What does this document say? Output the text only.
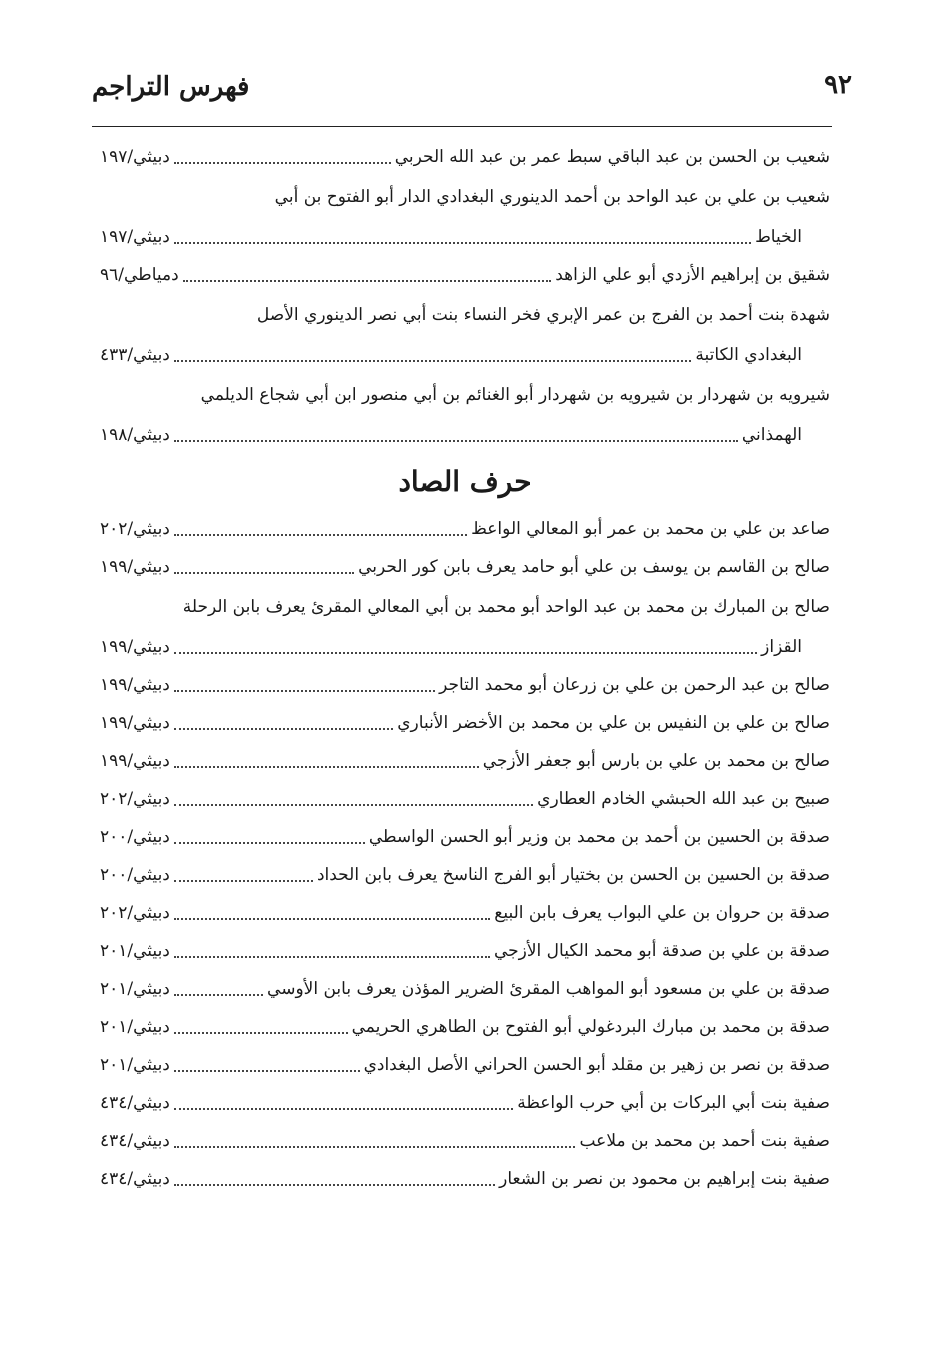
٩٢
فهرس التراجم
شعيب بن الحسن بن عبد الباقي سبط عمر بن عبد الله الحربي
دبيثي/١٩٧
شعيب بن علي بن عبد الواحد بن أحمد الدينوري البغدادي الدار أبو الفتوح بن أبي
الخياط
دبيثي/١٩٧
شقيق بن إبراهيم الأزدي أبو علي الزاهد
دمياطي/٩٦
شهدة بنت أحمد بن الفرج بن عمر الإبري فخر النساء بنت أبي نصر الدينوري الأصل
البغدادي الكاتبة
دبيثي/٤٣٣
شيرويه بن شهردار بن شيرويه بن شهردار أبو الغنائم بن أبي منصور ابن أبي شجاع الديلمي
الهمذاني
دبيثي/١٩٨
حرف الصاد
صاعد بن علي بن محمد بن عمر أبو المعالي الواعظ
دبيثي/٢٠٢
صالح بن القاسم بن يوسف بن علي أبو حامد يعرف بابن كور الحربي
دبيثي/١٩٩
صالح بن المبارك بن محمد بن عبد الواحد أبو محمد بن أبي المعالي المقرئ يعرف بابن الرحلة
القزاز
دبيثي/١٩٩
صالح بن عبد الرحمن بن علي بن زرعان أبو محمد التاجر
دبيثي/١٩٩
صالح بن علي بن النفيس بن علي بن محمد بن الأخضر الأنباري
دبيثي/١٩٩
صالح بن محمد بن علي بن بارس أبو جعفر الأزجي
دبيثي/١٩٩
صبيح بن عبد الله الحبشي الخادم العطاري
دبيثي/٢٠٢
صدقة بن الحسين بن أحمد بن محمد بن وزير أبو الحسن الواسطي
دبيثي/٢٠٠
صدقة بن الحسين بن الحسن بن بختيار أبو الفرج الناسخ يعرف بابن الحداد
دبيثي/٢٠٠
صدقة بن حروان بن علي البواب يعرف بابن البيع
دبيثي/٢٠٢
صدقة بن علي بن صدقة أبو محمد الكيال الأزجي
دبيثي/٢٠١
صدقة بن علي بن مسعود أبو المواهب المقرئ الضرير المؤذن يعرف بابن الأوسي
دبيثي/٢٠١
صدقة بن محمد بن مبارك البردغولي أبو الفتوح بن الطاهري الحريمي
دبيثي/٢٠١
صدقة بن نصر بن زهير بن مقلد أبو الحسن الحراني الأصل البغدادي
دبيثي/٢٠١
صفية بنت أبي البركات بن أبي حرب الواعظة
دبيثي/٤٣٤
صفية بنت أحمد بن محمد بن ملاعب
دبيثي/٤٣٤
صفية بنت إبراهيم بن محمود بن نصر بن الشعار
دبيثي/٤٣٤
